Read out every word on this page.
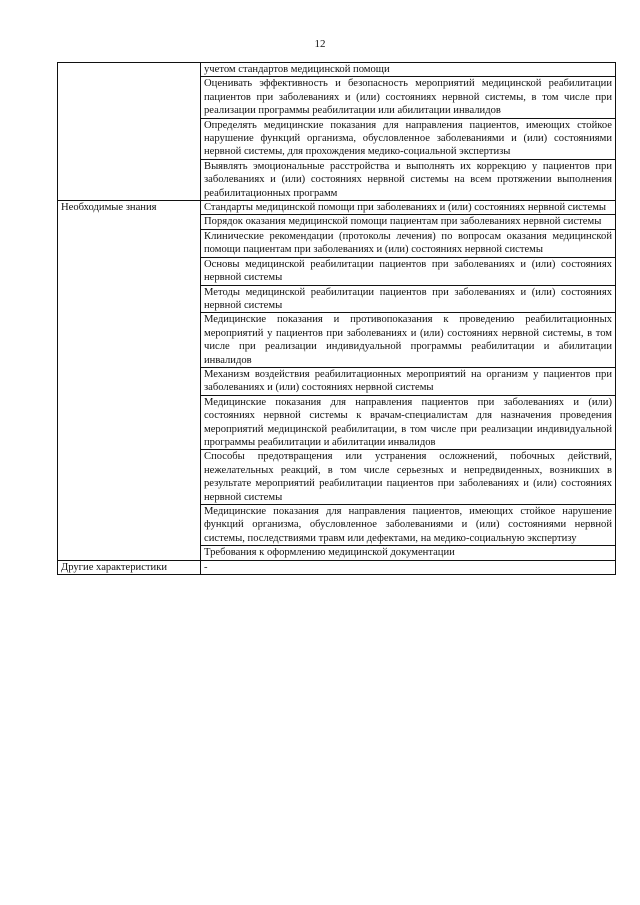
12
	учетом стандартов медицинской помощи
	Оценивать эффективность и безопасность мероприятий медицинской реабилитации пациентов при заболеваниях и (или) состояниях нервной системы, в том числе при реализации программы реабилитации или абилитации инвалидов
	Определять медицинские показания для направления пациентов, имеющих стойкое нарушение функций организма, обусловленное заболеваниями и (или) состояниями нервной системы, для прохождения медико-социальной экспертизы
	Выявлять эмоциональные расстройства и выполнять их коррекцию у пациентов при заболеваниях и (или) состояниях нервной системы на всем протяжении выполнения реабилитационных программ
Необходимые знания	Стандарты медицинской помощи при заболеваниях и (или) состояниях нервной системы
	Порядок оказания медицинской помощи пациентам при заболеваниях нервной системы
	Клинические рекомендации (протоколы лечения) по вопросам оказания медицинской помощи пациентам при заболеваниях и (или) состояниях нервной системы
	Основы медицинской реабилитации пациентов при заболеваниях и (или) состояниях нервной системы
	Методы медицинской реабилитации пациентов при заболеваниях и (или) состояниях нервной системы
	Медицинские показания и противопоказания к проведению реабилитационных мероприятий у пациентов при заболеваниях и (или) состояниях нервной системы, в том числе при реализации индивидуальной программы реабилитации и абилитации инвалидов
	Механизм воздействия реабилитационных мероприятий на организм у пациентов при заболеваниях и (или) состояниях нервной системы
	Медицинские показания для направления пациентов при заболеваниях и (или) состояниях нервной системы к врачам-специалистам для назначения проведения мероприятий медицинской реабилитации, в том числе при реализации индивидуальной программы реабилитации и абилитации инвалидов
	Способы предотвращения или устранения осложнений, побочных действий, нежелательных реакций, в том числе серьезных и непредвиденных, возникших в результате мероприятий реабилитации пациентов при заболеваниях и (или) состояниях нервной системы
	Медицинские показания для направления пациентов, имеющих стойкое нарушение функций организма, обусловленное заболеваниями и (или) состояниями нервной системы, последствиями травм или дефектами, на медико-социальную экспертизу
	Требования к оформлению медицинской документации
Другие характеристики	-
